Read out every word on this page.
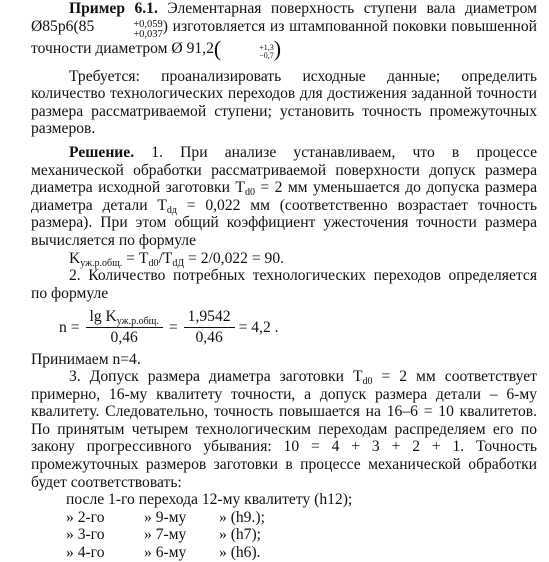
Пример 6.1. Элементарная поверхность ступени вала диаметром Ø85p6(85	+0,059
+0,037 ) изготовляется из штампованной поковки повышенной точности диаметром Ø 91,2(	+1,3
−0,7 )

Требуется: проанализировать исходные данные; определить количество технологических переходов для достижения заданной точности размера рассматриваемой ступени; установить точность промежуточных размеров.

Решение. 1. При анализе устанавливаем, что в процессе механической обработки рассматриваемой поверхности допуск размера диаметра исходной заготовки $T_{d0} = 2$ мм уменьшается до допуска размера диаметра детали $T_{dд} = 0,022$ мм (соответственно возрастает точность размера). При этом общий коэффициент ужесточения точности размера вычисляется по формуле

$K_{уж.р.общ.} = T_{d0}/T_{dД} = 2/0,022 = 90$.

2. Количество потребных технологических переходов определяется по формуле

$n = \frac{\lg K_{уж.р.общ.}}{0,46} = \frac{1,9542}{0,46} = 4,2$ .

Принимаем n=4.

3. Допуск размера диаметра заготовки $T_{d0} = 2$ мм соответствует примерно, 16-му квалитету точности, а допуск размера детали – 6-му квалитету. Следовательно, точность повышается на 16–6 = 10 квалитетов. По принятым четырем технологическим переходам распределяем его по закону прогрессивного убывания: 10 = 4 + 3 + 2 + 1. Точность промежуточных размеров заготовки в процессе механической обработки будет соответствовать:

после 1-го перехода 12-му квалитету (h12);
» 2-го	» 9-му	» (h9.);
» 3-го	» 7-му	» (h7);
» 4-го	» 6-му	» (h6).
